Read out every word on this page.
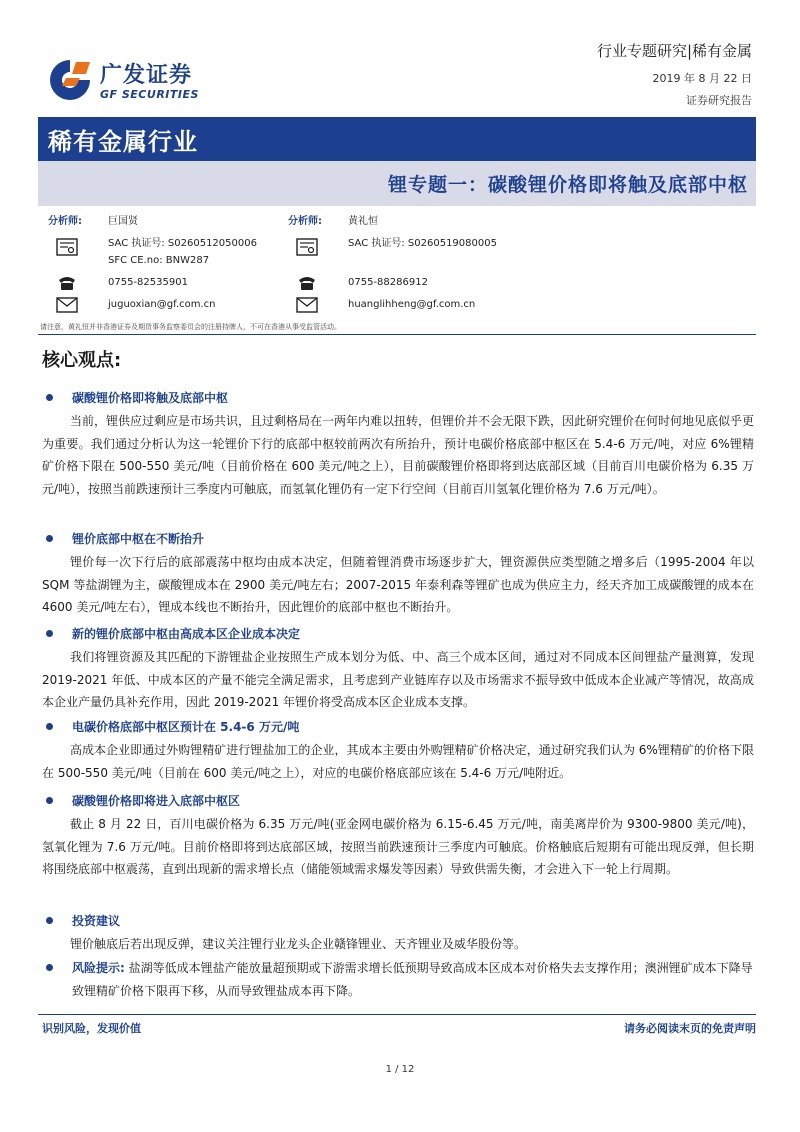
广发证券
GF SECURITIES
行业专题研究|稀有金属
2019 年 8 月 22 日
证券研究报告
稀有金属行业
锂专题一：碳酸锂价格即将触及底部中枢
分析师:	巨国贤
SAC 执证号: S0260512050006
SFC CE.no: BNW287
0755-82535901
juguoxian@gf.com.cn
分析师:	黄礼恒
SAC 执证号: S0260519080005
0755-88286912
huanglihheng@gf.com.cn
请注意，黄礼恒并非香港证券及期货事务监察委员会的注册持牌人，不可在香港从事受监管活动。
核心观点:
碳酸锂价格即将触及底部中枢

当前，锂供应过剩应是市场共识，且过剩格局在一两年内难以扭转，但锂价并不会无限下跌，因此研究锂价在何时何地见底似乎更为重要。我们通过分析认为这一轮锂价下行的底部中枢较前两次有所抬升，预计电碳价格底部中枢区在 5.4-6 万元/吨，对应 6%锂精矿价格下限在 500-550 美元/吨（目前价格在 600 美元/吨之上），目前碳酸锂价格即将到达底部区域（目前百川电碳价格为 6.35 万元/吨），按照当前跌速预计三季度内可触底，而氢氧化锂仍有一定下行空间（目前百川氢氧化锂价格为 7.6 万元/吨）。

锂价底部中枢在不断抬升

锂价每一次下行后的底部震荡中枢均由成本决定，但随着锂消费市场逐步扩大，锂资源供应类型随之增多后（1995-2004 年以 SQM 等盐湖锂为主，碳酸锂成本在 2900 美元/吨左右；2007-2015 年泰利森等锂矿也成为供应主力，经天齐加工成碳酸锂的成本在 4600 美元/吨左右），锂成本线也不断抬升，因此锂价的底部中枢也不断抬升。

新的锂价底部中枢由高成本区企业成本决定

我们将锂资源及其匹配的下游锂盐企业按照生产成本划分为低、中、高三个成本区间，通过对不同成本区间锂盐产量测算，发现 2019-2021 年低、中成本区的产量不能完全满足需求，且考虑到产业链库存以及市场需求不振导致中低成本企业减产等情况，故高成本企业产量仍具补充作用，因此 2019-2021 年锂价将受高成本区企业成本支撑。

电碳价格底部中枢区预计在 5.4-6 万元/吨

高成本企业即通过外购锂精矿进行锂盐加工的企业，其成本主要由外购锂精矿价格决定，通过研究我们认为 6%锂精矿的价格下限在 500-550 美元/吨（目前在 600 美元/吨之上），对应的电碳价格底部应该在 5.4-6 万元/吨附近。

碳酸锂价格即将进入底部中枢区

截止 8 月 22 日，百川电碳价格为 6.35 万元/吨(亚金网电碳价格为 6.15-6.45 万元/吨，南美离岸价为 9300-9800 美元/吨)，氢氧化锂为 7.6 万元/吨。目前价格即将到达底部区域，按照当前跌速预计三季度内可触底。价格触底后短期有可能出现反弹，但长期将围绕底部中枢震荡，直到出现新的需求增长点（储能领域需求爆发等因素）导致供需失衡，才会进入下一轮上行周期。

投资建议

锂价触底后若出现反弹，建议关注锂行业龙头企业赣锋锂业、天齐锂业及威华股份等。

风险提示: 盐湖等低成本锂盐产能放量超预期或下游需求增长低预期导致高成本区成本对价格失去支撑作用；澳洲锂矿成本下降导致锂精矿价格下限再下移，从而导致锂盐成本再下降。
识别风险，发现价值	请务必阅读末页的免责声明
1 / 12
